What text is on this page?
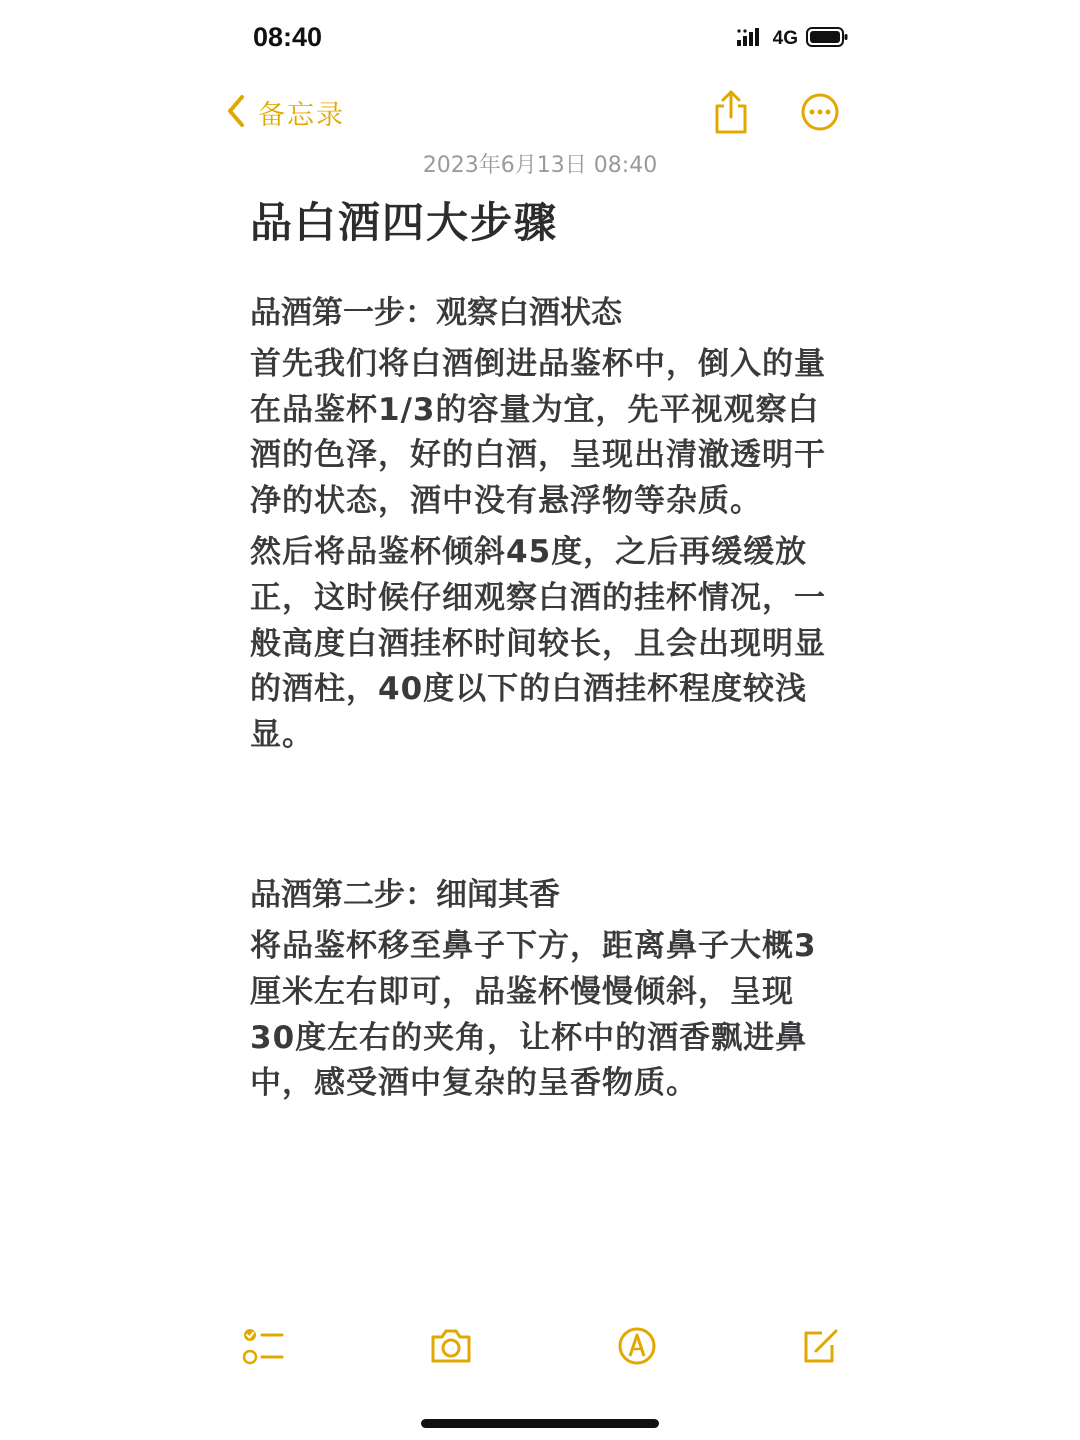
08:40	4G
备忘录
2023年6月13日 08:40
品白酒四大步骤

品酒第一步：观察白酒状态

首先我们将白酒倒进品鉴杯中，倒入的量在品鉴杯1/3的容量为宜，先平视观察白酒的色泽，好的白酒，呈现出清澈透明干净的状态，酒中没有悬浮物等杂质。

然后将品鉴杯倾斜45度，之后再缓缓放正，这时候仔细观察白酒的挂杯情况，一般高度白酒挂杯时间较长，且会出现明显的酒柱，40度以下的白酒挂杯程度较浅显。

品酒第二步：细闻其香

将品鉴杯移至鼻子下方，距离鼻子大概3厘米左右即可，品鉴杯慢慢倾斜，呈现30度左右的夹角，让杯中的酒香飘进鼻中，感受酒中复杂的呈香物质。
